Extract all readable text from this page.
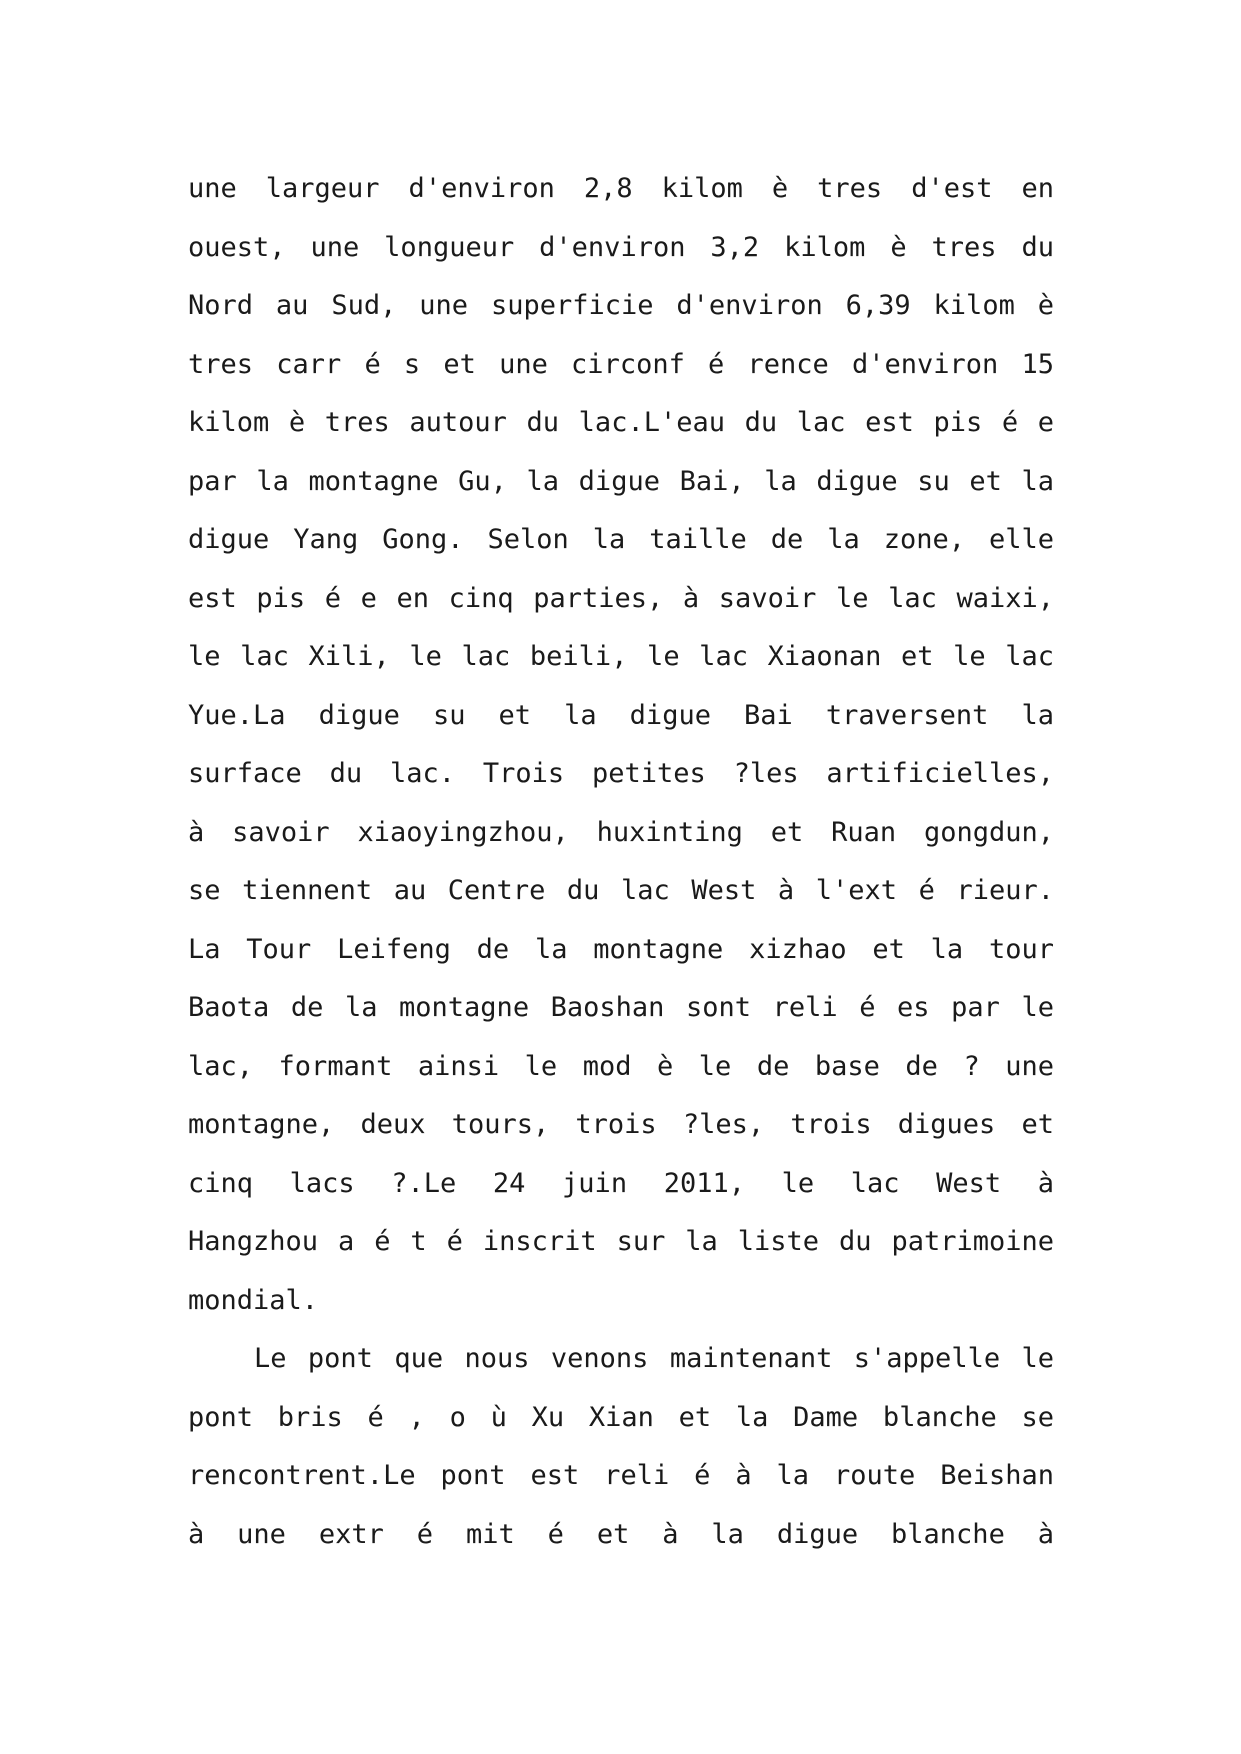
une largeur d'environ 2,8 kilom è tres d'est en
ouest, une longueur d'environ 3,2 kilom è tres du
Nord au Sud, une superficie d'environ 6,39 kilom è
tres carr é s et une circonf é rence d'environ 15
kilom è tres autour du lac.L'eau du lac est pis é e
par la montagne Gu, la digue Bai, la digue su et la
digue Yang Gong. Selon la taille de la zone, elle
est pis é e en cinq parties, à savoir le lac waixi,
le lac Xili, le lac beili, le lac Xiaonan et le lac
Yue.La digue su et la digue Bai traversent la
surface du lac. Trois petites ?les artificielles,
à savoir xiaoyingzhou, huxinting et Ruan gongdun,
se tiennent au Centre du lac West à l'ext é rieur.
La Tour Leifeng de la montagne xizhao et la tour
Baota de la montagne Baoshan sont reli é es par le
lac, formant ainsi le mod è le de base de ? une
montagne, deux tours, trois ?les, trois digues et
cinq lacs ?.Le 24 juin 2011, le lac West à
Hangzhou a é t é inscrit sur la liste du patrimoine
mondial.
Le pont que nous venons maintenant s'appelle le
pont bris é , o ù Xu Xian et la Dame blanche se
rencontrent.Le pont est reli é à la route Beishan
à une extr é mit é et à la digue blanche à
